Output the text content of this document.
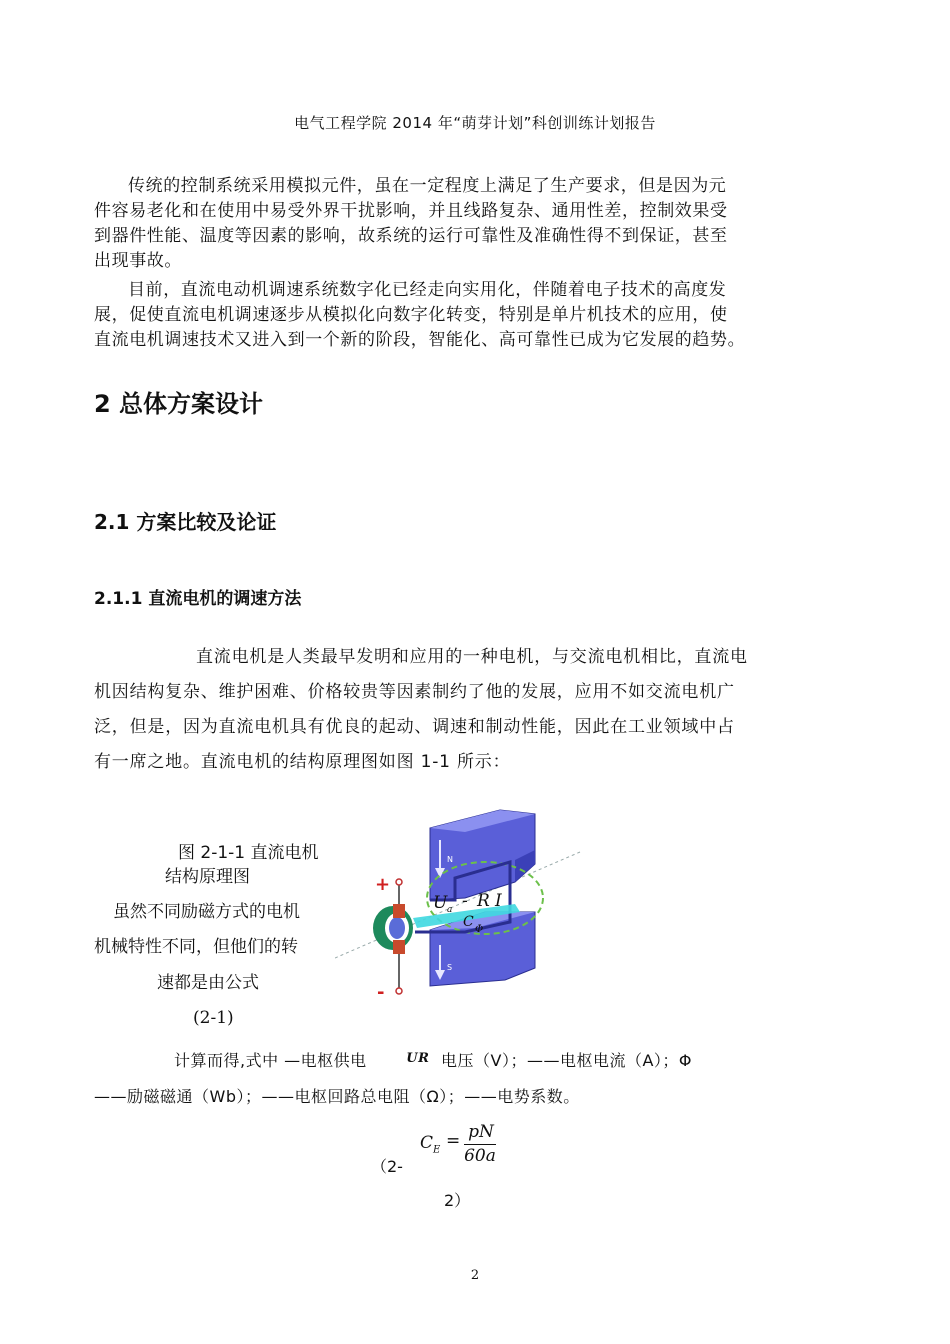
电气工程学院 2014 年“萌芽计划”科创训练计划报告
传统的控制系统采用模拟元件，虽在一定程度上满足了生产要求，但是因为元
件容易老化和在使用中易受外界干扰影响，并且线路复杂、通用性差，控制效果受
到器件性能、温度等因素的影响，故系统的运行可靠性及准确性得不到保证，甚至
出现事故。
目前，直流电动机调速系统数字化已经走向实用化，伴随着电子技术的高度发
展，促使直流电机调速逐步从模拟化向数字化转变，特别是单片机技术的应用，使
直流电机调速技术又进入到一个新的阶段，智能化、高可靠性已成为它发展的趋势。
2 总体方案设计
2.1 方案比较及论证
2.1.1 直流电机的调速方法
直流电机是人类最早发明和应用的一种电机，与交流电机相比，直流电
机因结构复杂、维护困难、价格较贵等因素制约了他的发展，应用不如交流电机广
泛，但是，因为直流电机具有优良的起动、调速和制动性能，因此在工业领域中占
有一席之地。直流电机的结构原理图如图 1-1 所示：
图 2-1-1 直流电机
结构原理图
虽然不同励磁方式的电机
机械特性不同，但他们的转
速都是由公式
(2-1)
N
S
+
-
U a - R I
C Φ
计算而得,式中 —电枢供电	$^{UR}$ 电压（V）；——电枢电流（A）；Φ
——励磁磁通（Wb）；——电枢回路总电阻（Ω）；——电势系数。
$C_E$ = pN
60a
（2-
2）
2
